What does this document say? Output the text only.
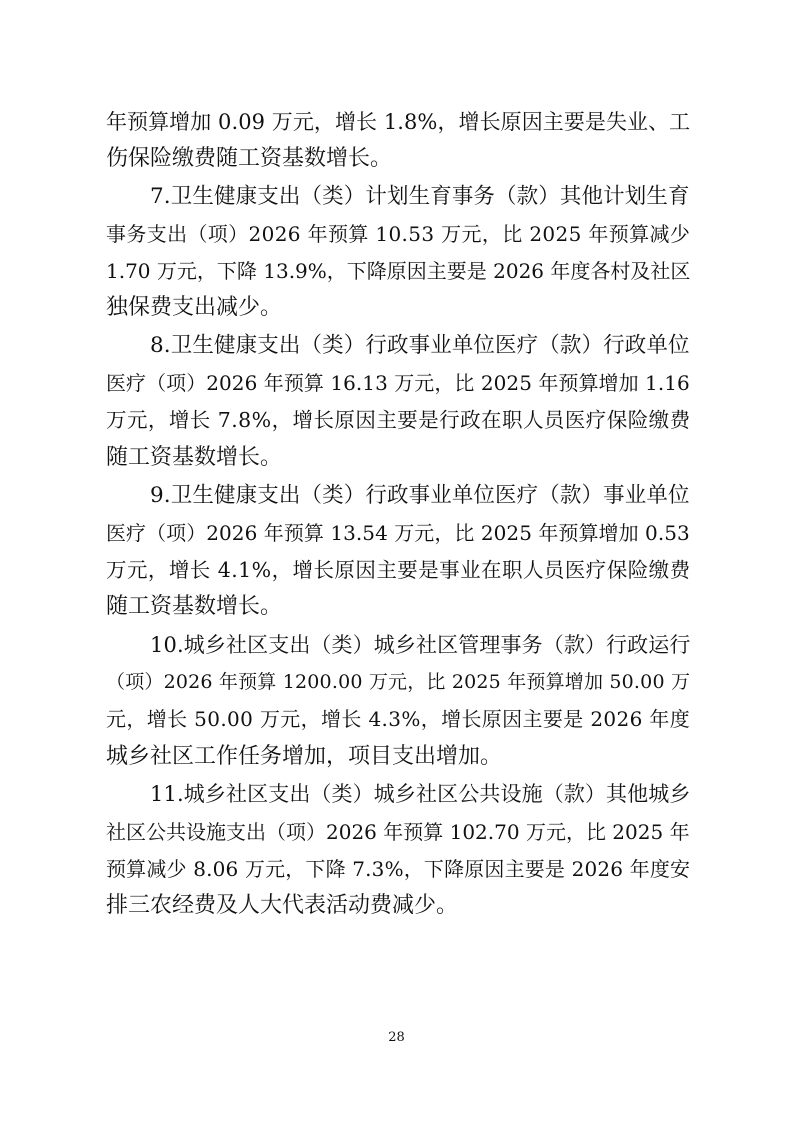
年预算增加 0.09 万元，增长 1.8%，增长原因主要是失业、工
伤保险缴费随工资基数增长。
7.卫生健康支出（类）计划生育事务（款）其他计划生育
事务支出（项）2026 年预算 10.53 万元，比 2025 年预算减少
1.70 万元，下降 13.9%，下降原因主要是 2026 年度各村及社区
独保费支出减少。
8.卫生健康支出（类）行政事业单位医疗（款）行政单位
医疗（项）2026 年预算 16.13 万元，比 2025 年预算增加 1.16
万元，增长 7.8%，增长原因主要是行政在职人员医疗保险缴费
随工资基数增长。
9.卫生健康支出（类）行政事业单位医疗（款）事业单位
医疗（项）2026 年预算 13.54 万元，比 2025 年预算增加 0.53
万元，增长 4.1%，增长原因主要是事业在职人员医疗保险缴费
随工资基数增长。
10.城乡社区支出（类）城乡社区管理事务（款）行政运行
（项）2026 年预算 1200.00 万元，比 2025 年预算增加 50.00 万
元，增长 50.00 万元，增长 4.3%，增长原因主要是 2026 年度
城乡社区工作任务增加，项目支出增加。
11.城乡社区支出（类）城乡社区公共设施（款）其他城乡
社区公共设施支出（项）2026 年预算 102.70 万元，比 2025 年
预算减少 8.06 万元，下降 7.3%，下降原因主要是 2026 年度安
排三农经费及人大代表活动费减少。
28
